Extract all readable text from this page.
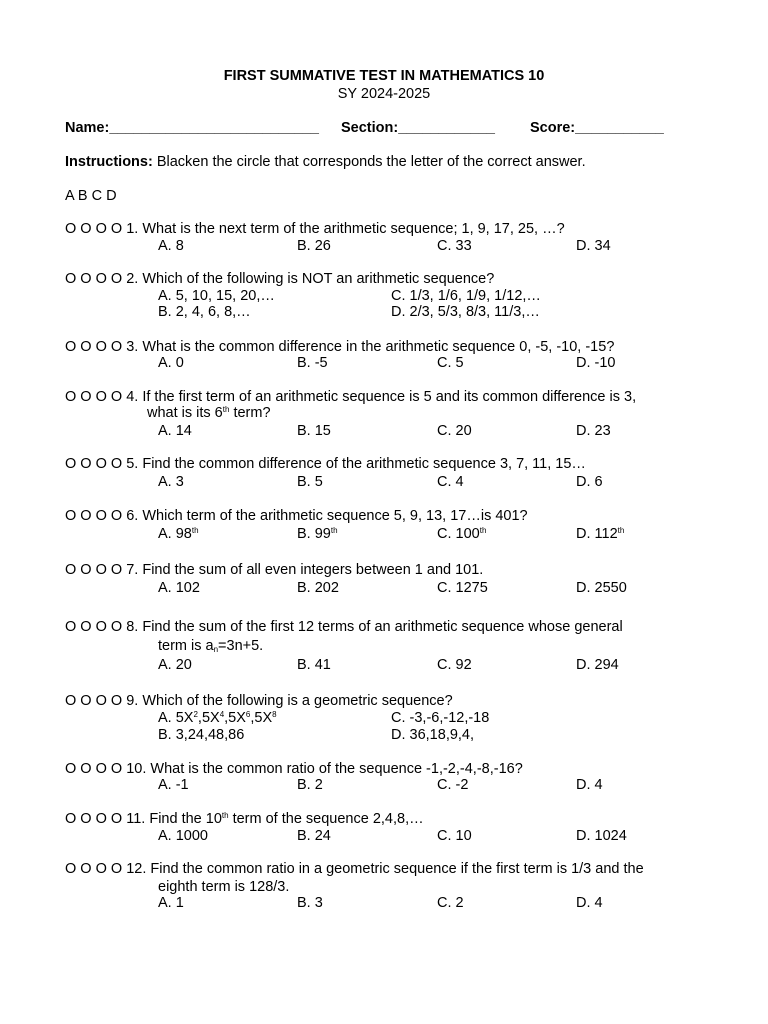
FIRST SUMMATIVE TEST IN MATHEMATICS 10
SY 2024-2025
Name:__________________________ Section:____________ Score:___________
Instructions: Blacken the circle that corresponds the letter of the correct answer.
A B C D
O O O O 1. What is the next term of the arithmetic sequence; 1, 9, 17, 25, …?
A. 8	B. 26	C. 33	D. 34
O O O O 2. Which of the following is NOT an arithmetic sequence?
A. 5, 10, 15, 20,…	C. 1/3, 1/6, 1/9, 1/12,…
B. 2, 4, 6, 8,…	D. 2/3, 5/3, 8/3, 11/3,…
O O O O 3. What is the common difference in the arithmetic sequence 0, -5, -10, -15?
A. 0	B. -5	C. 5	D. -10
O O O O 4. If the first term of an arithmetic sequence is 5 and its common difference is 3,
what is its 6th term?
A. 14	B. 15	C. 20	D. 23
O O O O 5. Find the common difference of the arithmetic sequence 3, 7, 11, 15…
A. 3	B. 5	C. 4	D. 6
O O O O 6. Which term of the arithmetic sequence 5, 9, 13, 17…is 401?
A. 98th	B. 99th	C. 100th	D. 112th
O O O O 7. Find the sum of all even integers between 1 and 101.
A. 102	B. 202	C. 1275	D. 2550
O O O O 8. Find the sum of the first 12 terms of an arithmetic sequence whose general
term is $a_n=3n+5$.
A. 20	B. 41	C. 92	D. 294
O O O O 9. Which of the following is a geometric sequence?
A. $5X^2,5X^4,5X^6,5X^8$	C. -3,-6,-12,-18
B. 3,24,48,86	D. 36,18,9,4,
O O O O 10. What is the common ratio of the sequence -1,-2,-4,-8,-16?
A. -1	B. 2	C. -2	D. 4
O O O O 11. Find the 10th term of the sequence 2,4,8,…
A. 1000	B. 24	C. 10	D. 1024
O O O O 12. Find the common ratio in a geometric sequence if the first term is 1/3 and the
eighth term is 128/3.
A. 1	B. 3	C. 2	D. 4
